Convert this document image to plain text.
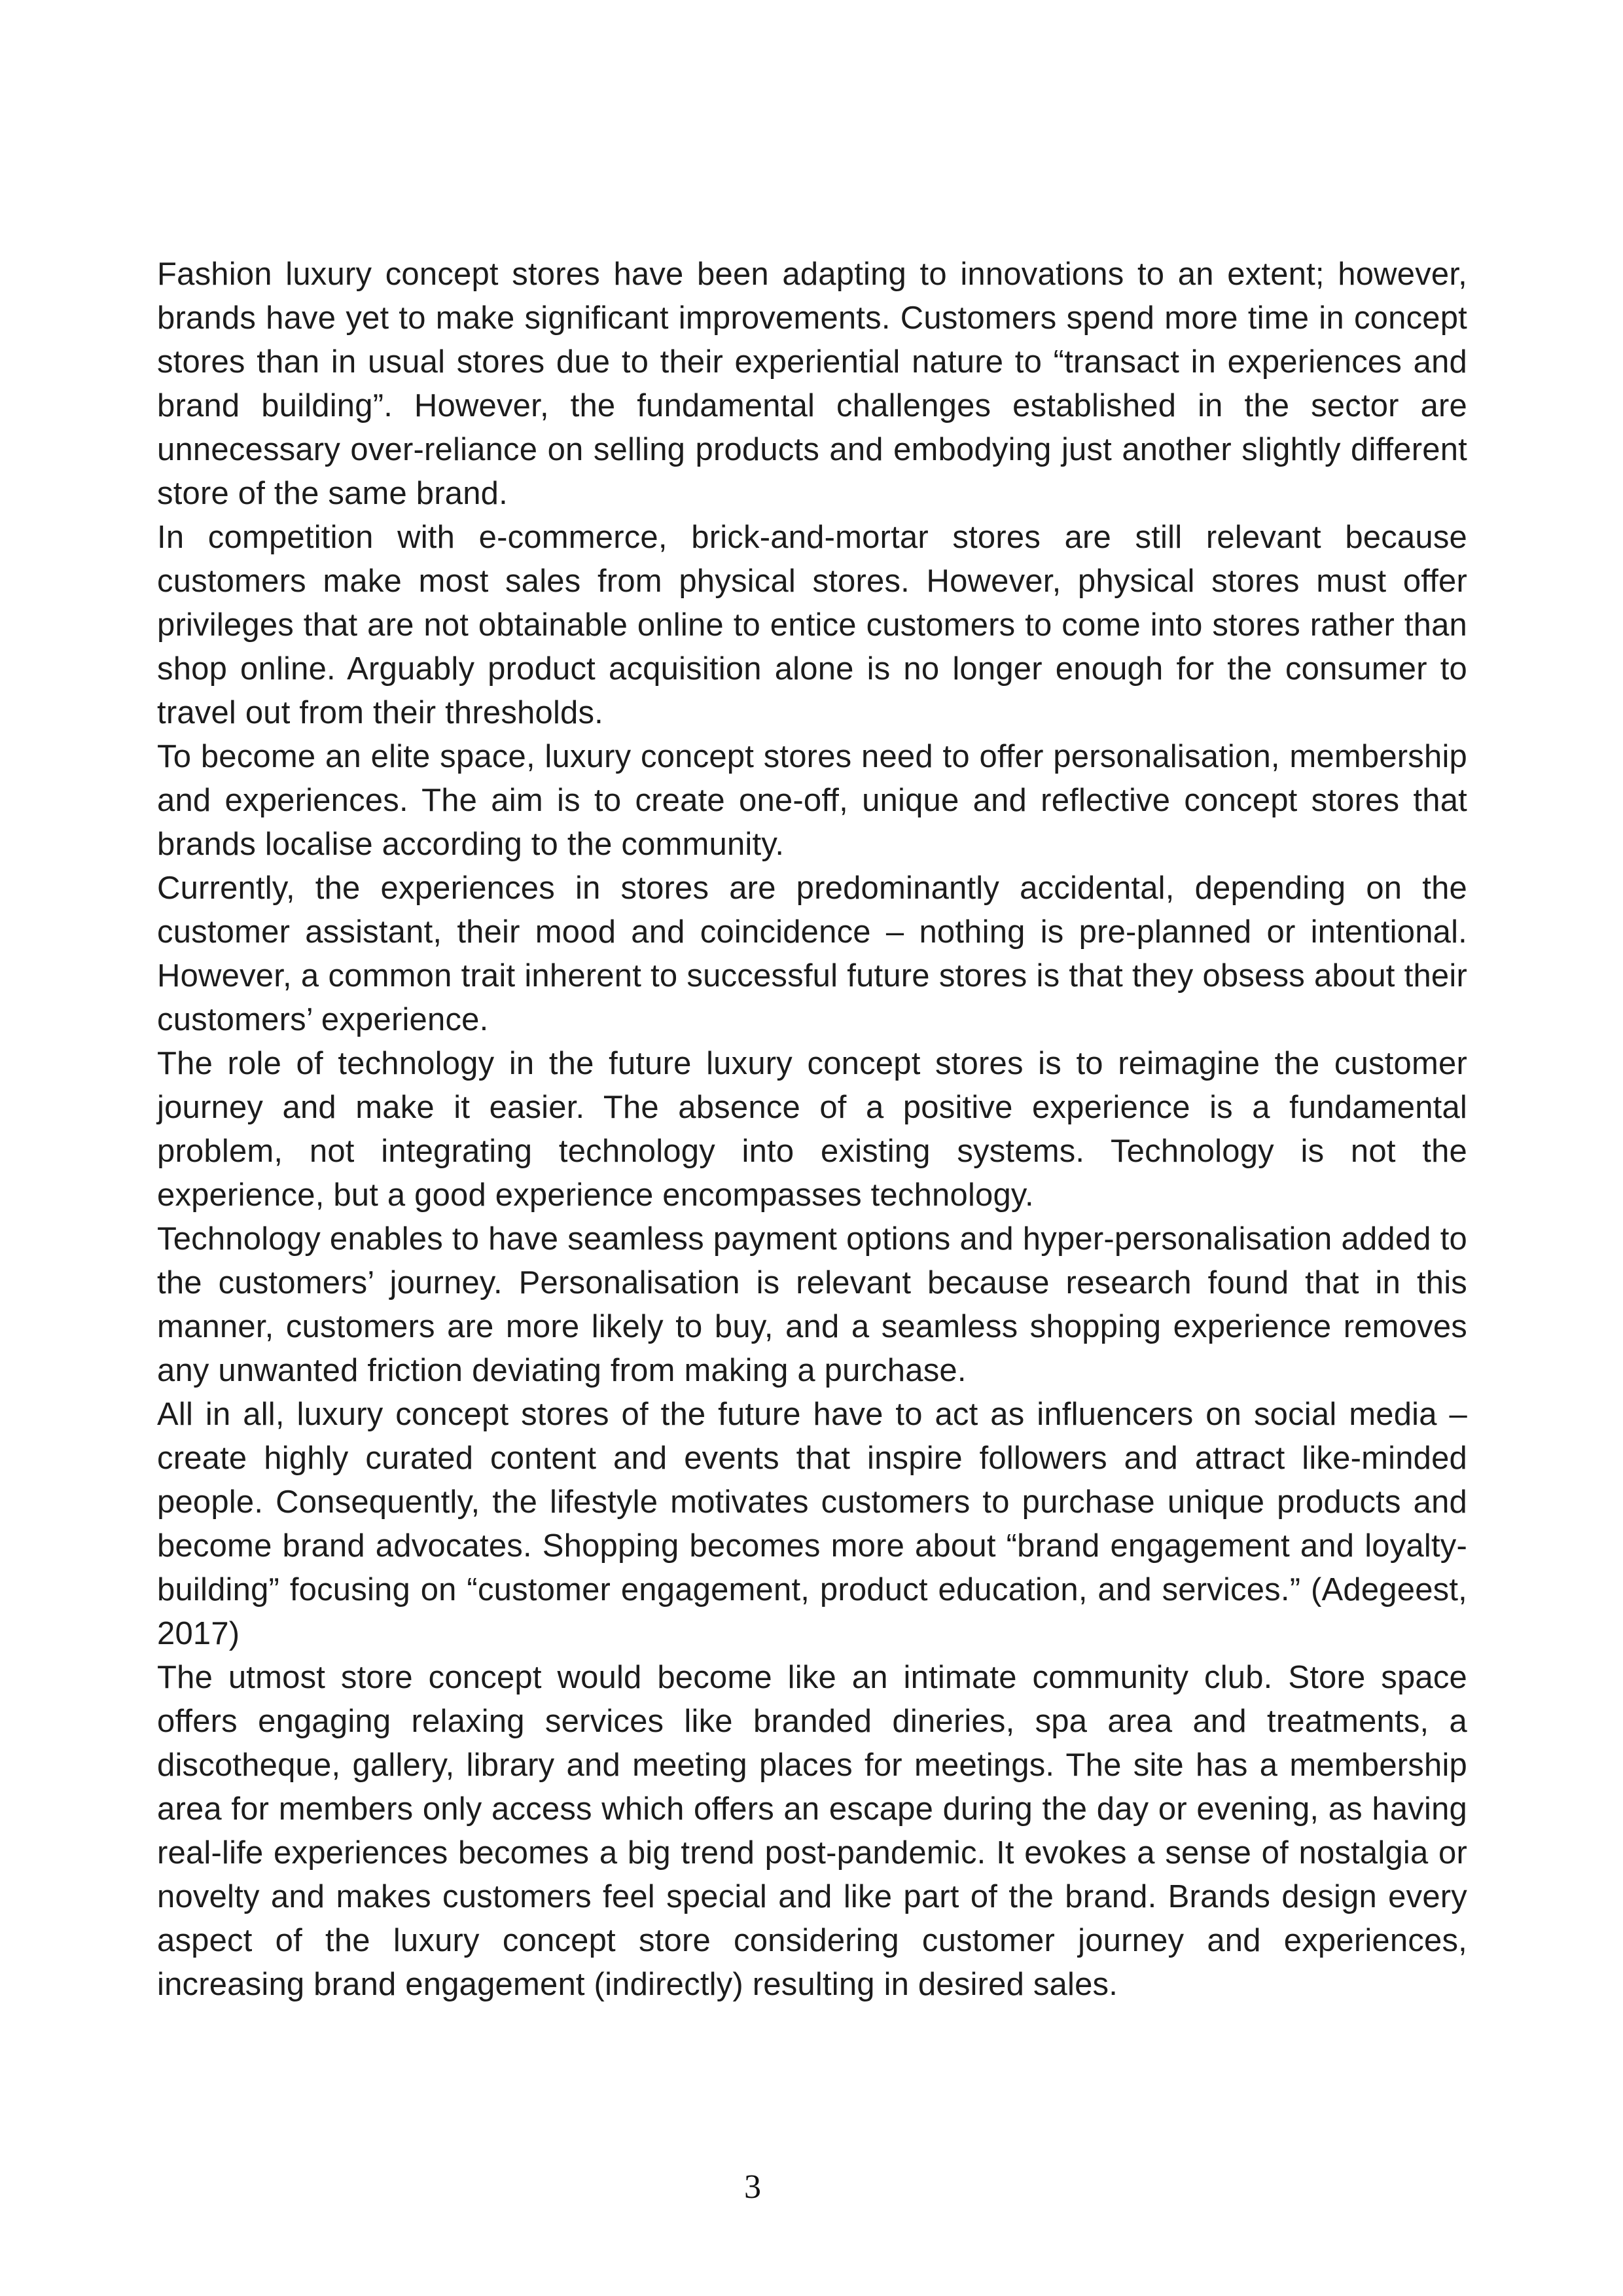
Fashion luxury concept stores have been adapting to innovations to an extent; however, brands have yet to make significant improvements. Customers spend more time in concept stores than in usual stores due to their experiential nature to “transact in experiences and brand building”. However, the fundamental challenges established in the sector are unnecessary over-reliance on selling products and embodying just another slightly different store of the same brand.

In competition with e-commerce, brick-and-mortar stores are still relevant because customers make most sales from physical stores. However, physical stores must offer privileges that are not obtainable online to entice customers to come into stores rather than shop online. Arguably product acquisition alone is no longer enough for the consumer to travel out from their thresholds.

To become an elite space, luxury concept stores need to offer personalisation, membership and experiences. The aim is to create one-off, unique and reflective concept stores that brands localise according to the community.

Currently, the experiences in stores are predominantly accidental, depending on the customer assistant, their mood and coincidence – nothing is pre-planned or intentional. However, a common trait inherent to successful future stores is that they obsess about their customers’ experience.

The role of technology in the future luxury concept stores is to reimagine the customer journey and make it easier. The absence of a positive experience is a fundamental problem, not integrating technology into existing systems. Technology is not the experience, but a good experience encompasses technology.

Technology enables to have seamless payment options and hyper-personalisation added to the customers’ journey. Personalisation is relevant because research found that in this manner, customers are more likely to buy, and a seamless shopping experience removes any unwanted friction deviating from making a purchase.

All in all, luxury concept stores of the future have to act as influencers on social media – create highly curated content and events that inspire followers and attract like-minded people. Consequently, the lifestyle motivates customers to purchase unique products and become brand advocates. Shopping becomes more about “brand engagement and loyalty-building” focusing on “customer engagement, product education, and services.” (Adegeest, 2017)

The utmost store concept would become like an intimate community club. Store space offers engaging relaxing services like branded dineries, spa area and treatments, a discotheque, gallery, library and meeting places for meetings. The site has a membership area for members only access which offers an escape during the day or evening, as having real-life experiences becomes a big trend post-pandemic. It evokes a sense of nostalgia or novelty and makes customers feel special and like part of the brand. Brands design every aspect of the luxury concept store considering customer journey and experiences, increasing brand engagement (indirectly) resulting in desired sales.

3
